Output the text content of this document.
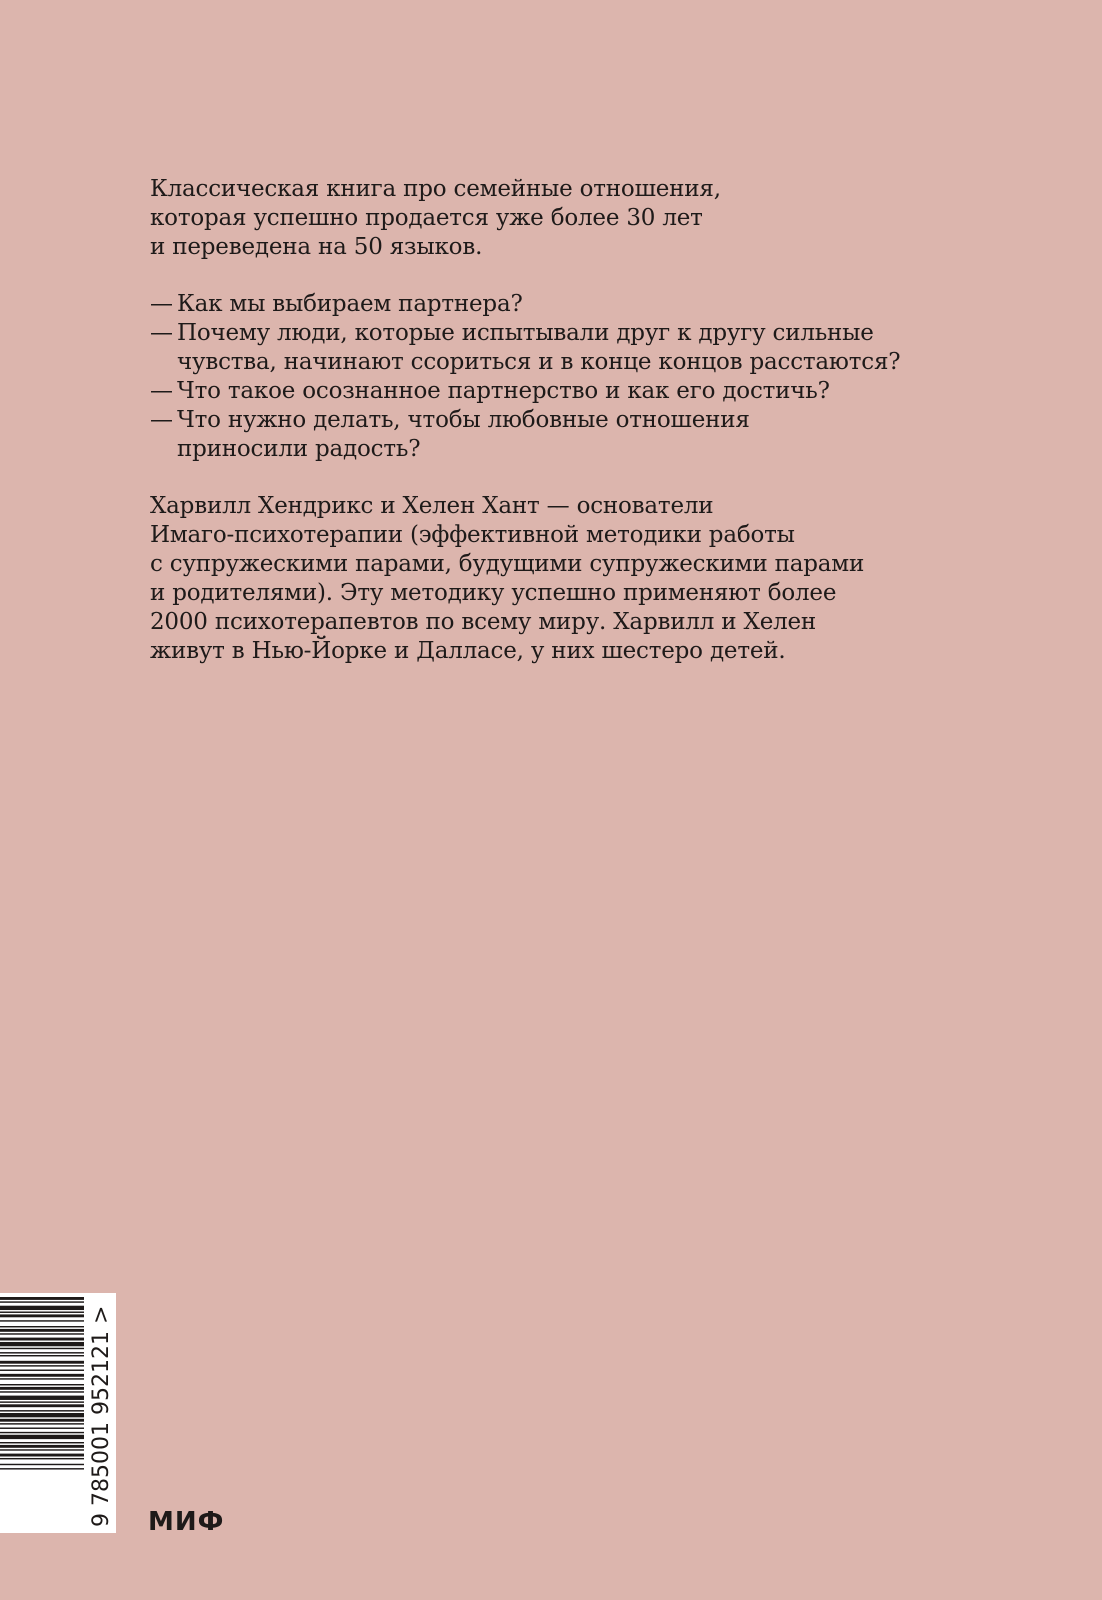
Классическая книга про семейные отношения,
которая успешно продается уже более 30 лет
и переведена на 50 языков.

— Как мы выбираем партнера?
— Почему люди, которые испытывали друг к другу сильные
чувства, начинают ссориться и в конце концов расстаются?
— Что такое осознанное партнерство и как его достичь?
— Что нужно делать, чтобы любовные отношения
приносили радость?

Харвилл Хендрикс и Хелен Хант — основатели
Имаго-психотерапии (эффективной методики работы
с супружескими парами, будущими супружескими парами
и родителями). Эту методику успешно применяют более
2000 психотерапевтов по всему миру. Харвилл и Хелен
живут в Нью-Йорке и Далласе, у них шестеро детей.

9 785001 952121 > МИФ
